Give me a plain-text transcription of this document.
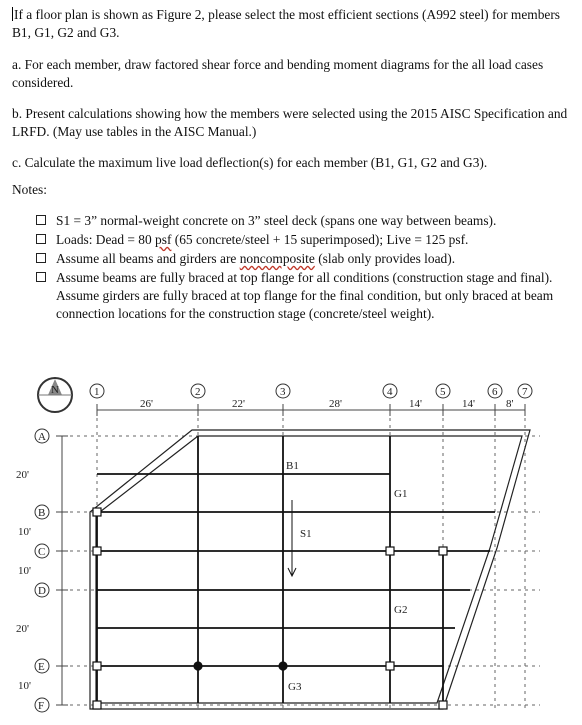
If a floor plan is shown as Figure 2, please select the most efficient sections (A992 steel) for members B1, G1, G2 and G3.

a. For each member, draw factored shear force and bending moment diagrams for the all load cases considered.

b. Present calculations showing how the members were selected using the 2015 AISC Specification and LRFD. (May use tables in the AISC Manual.)

c. Calculate the maximum live load deflection(s) for each member (B1, G1, G2 and G3).

Notes:

S1 = 3” normal-weight concrete on 3” steel deck (spans one way between beams).
Loads: Dead = 80 psf (65 concrete/steel + 15 superimposed); Live = 125 psf.
Assume all beams and girders are noncomposite (slab only provides load).
Assume beams are fully braced at top flange for all conditions (construction stage and final). Assume girders are fully braced at top flange for the final condition, but only braced at beam connection locations for the construction stage (concrete/steel weight).
N	1	2	3	4	5	6 7
A
B
C
D
E
F
26'	22'	28'	14'	14'	8'
20'
10'
10'
20'
10'
B1
S1
G1
G2
G3
